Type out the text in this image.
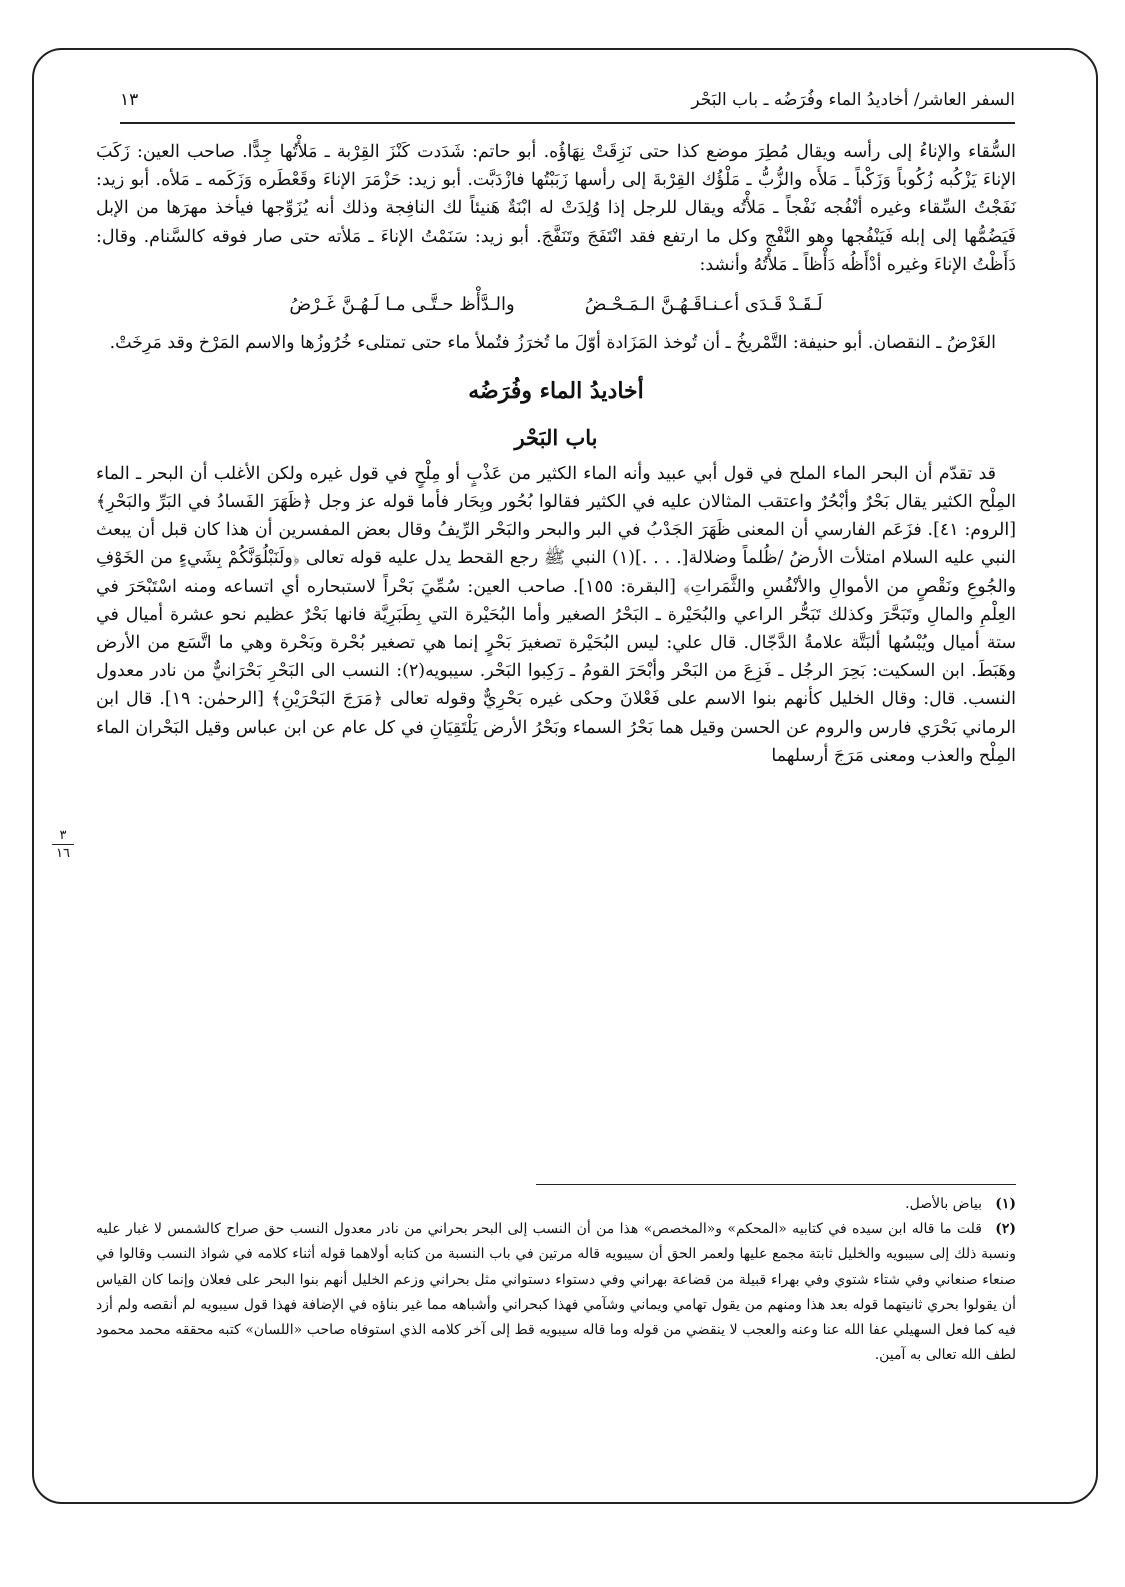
١٣	السفر العاشر/ أخاديدُ الماء وفُرَضُه ـ باب البَحْر

السُّقاء والإناءُ إلى رأسه ويقال مُطِرَ موضع كذا حتى نَزِقَتْ نِهَاؤُه. أبو حاتم: شَدَدت كَنْزَ القِرْبة ـ مَلأْتُها جِدًّا. صاحب العين: زَكَبَ الإناءَ يَزْكُبه زُكُوباً وَزَكْباً ـ مَلأَه والزُّبُّ ـ مَلْؤُك القِرْبةَ إلى رأسها زَبَبْتُها فازْدَبَّت. أبو زيد: حَزْمَرَ الإناءَ وقَعْطَره وَزَكَمه ـ مَلأه. أبو زيد: نَفَجْتُ السِّقاء وغيره أنْفُجه نَفْجاً ـ مَلأْتُه ويقال للرجل إذا وُلِدَتْ له ابْنَةٌ هَنيئاً لك النافِجة وذلك أنه يُزَوِّجها فيأخذ مهرَها من الإبل فَيَضُمُّها إلى إبله فَيَنْفُجها وهو النَّفْج وكل ما ارتفع فقد انْتَفَجَ وتَنَفَّجَ. أبو زيد: سَنَمْتُ الإناءَ ـ مَلأته حتى صار فوقه كالسَّنام. وقال: دَأَظْتُ الإناءَ وغيره أدْأَظُه دَأْظاً ـ مَلأْتُهُ وأنشد:

لَـقَـدْ قَـدَى أعـنـاقَـهُـنَّ الـمَـحْـضُ
والـدَّأْظ حـتَّـى مـا لَـهُـنَّ غَـرْضُ

الغَرْضُ ـ النقصان. أبو حنيفة: التَّمْريخُ ـ أن تُوخذ المَزَادة أوّلَ ما تُخرَزُ فتُملأ ماء حتى تمتلىء خُرُوزُها والاسم المَرْخ وقد مَرِخَتْ.

أخاديدُ الماء وفُرَضُه
باب البَحْر

قد تقدّم أن البحر الماء الملح في قول أبي عبيد وأنه الماء الكثير من عَذْبٍ أو مِلْحٍ في قول غيره ولكن الأغلب أن البحر ـ الماء المِلْح الكثير يقال بَحْرٌ وأبْحُرٌ واعتقب المثالان عليه في الكثير فقالوا بُحُور وبِحَار فأما قوله عز وجل ﴿ظَهَرَ الفَسادُ في البَرِّ والبَحْرِ﴾ [الروم: ٤١]. فزَعَم الفارسي أن المعنى ظَهَرَ الجَدْبُ في البر والبحر والبَحْر الرِّيفُ وقال بعض المفسرين أن هذا كان قبل أن يبعث النبي عليه السلام امتلأت الأرضُ /ظُلماً وضلالة[. . . .](١) النبي ﷺ رجع القحط يدل عليه قوله تعالى ﴿ولَنَبْلُوَنَّكُمْ بِشَيءٍ من الخَوْفِ والجُوعِ ونَقْصٍ من الأموالِ والأنْفُسِ والثَّمَراتِ﴾ [البقرة: ١٥٥]. صاحب العين: سُمِّيَ بَحْراً لاستبحاره أي اتساعه ومنه اسْتَبْحَرَ في العِلْمِ والمالِ وتَبَحَّرَ وكذلك تَبَحُّر الراعي والبُحَيْرة ـ البَحْرُ الصغير وأما البُحَيْرة التي بِطَبَرِيَّة فانها بَحْرٌ عظيم نحو عشرة أميال في ستة أميال ويُبْسُها ألبَتَّة علامةُ الدَّجّال. قال علي: ليس البُحَيْرة تصغيرَ بَحْرٍ إنما هي تصغير بُحْرة وبَحْرة وهي ما اتَّسَع من الأرض وهَبَطَ. ابن السكيت: بَحِرَ الرجُل ـ فَزِعَ من البَحْر وأبْحَرَ القومُ ـ رَكِبوا البَحْر. سيبويه(٢): النسب الى البَحْرِ بَحْرَانيٌّ من نادر معدول النسب. قال: وقال الخليل كأنهم بنوا الاسم على فَعْلانَ وحكى غيره بَحْرِيٌّ وقوله تعالى ﴿مَرَجَ البَحْرَيْنِ﴾ [الرحمٰن: ١٩]. قال ابن الرماني بَحْرَي فارس والروم عن الحسن وقيل هما بَحْرُ السماء وبَحْرُ الأرض يَلْتَقِيَانِ في كل عام عن ابن عباس وقيل البَحْران الماء المِلْح والعذب ومعنى مَرَجَ أرسلهما

٣
١٦

(١)بياض بالأصل.

(٢)قلت ما قاله ابن سيده في كتابيه «المحكم» و«المخصص» هذا من أن النسب إلى البحر بحراني من نادر معدول النسب حق صراح كالشمس لا غبار عليه ونسبة ذلك إلى سيبويه والخليل ثابتة مجمع عليها ولعمر الحق أن سيبويه قاله مرتين في باب النسبة من كتابه أولاهما قوله أثناء كلامه في شواذ النسب وقالوا في صنعاء صنعاني وفي شتاء شتوي وفي بهراء قبيلة من قضاعة بهراني وفي دستواء دستواني مثل بحراني وزعم الخليل أنهم بنوا البحر على فعلان وإنما كان القياس أن يقولوا بحري ثانيتهما قوله بعد هذا ومنهم من يقول تهامي ويماني وشآمي فهذا كبحراني وأشباهه مما غير بناؤه في الإضافة فهذا قول سيبويه لم أنقصه ولم أزد فيه كما فعل السهيلي عفا الله عنا وعنه والعجب لا ينقضي من قوله وما قاله سيبويه قط إلى آخر كلامه الذي استوفاه صاحب «اللسان» كتبه محققه محمد محمود لطف الله تعالى به آمين.
